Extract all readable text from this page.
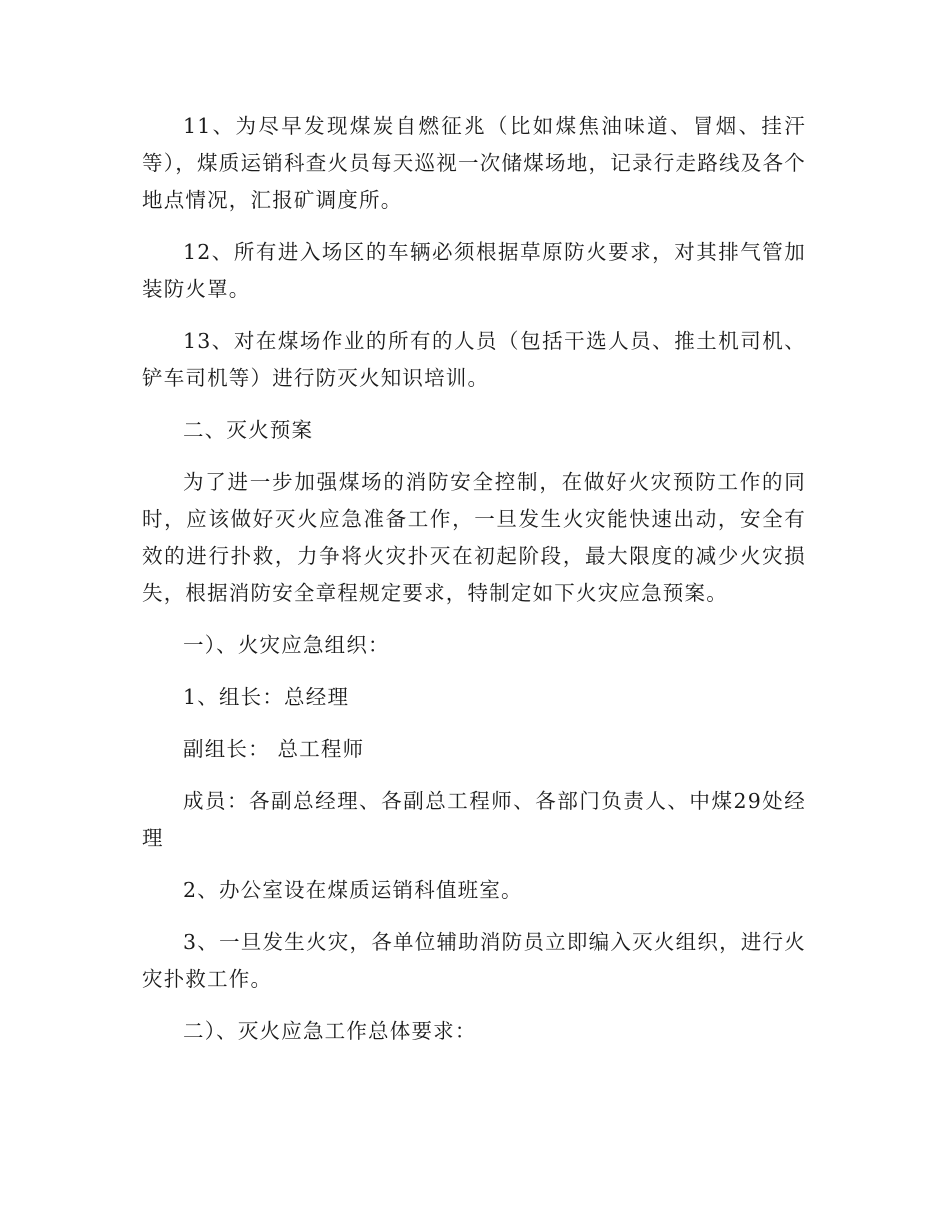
11、为尽早发现煤炭自燃征兆（比如煤焦油味道、冒烟、挂汗等），煤质运销科查火员每天巡视一次储煤场地，记录行走路线及各个地点情况，汇报矿调度所。

12、所有进入场区的车辆必须根据草原防火要求，对其排气管加装防火罩。

13、对在煤场作业的所有的人员（包括干选人员、推土机司机、铲车司机等）进行防灭火知识培训。

二、灭火预案

为了进一步加强煤场的消防安全控制，在做好火灾预防工作的同时，应该做好灭火应急准备工作，一旦发生火灾能快速出动，安全有效的进行扑救，力争将火灾扑灭在初起阶段，最大限度的减少火灾损失，根据消防安全章程规定要求，特制定如下火灾应急预案。

一）、火灾应急组织：

1、组长：总经理

副组长： 总工程师

成员：各副总经理、各副总工程师、各部门负责人、中煤29处经理

2、办公室设在煤质运销科值班室。

3、一旦发生火灾，各单位辅助消防员立即编入灭火组织，进行火灾扑救工作。

二）、灭火应急工作总体要求：
